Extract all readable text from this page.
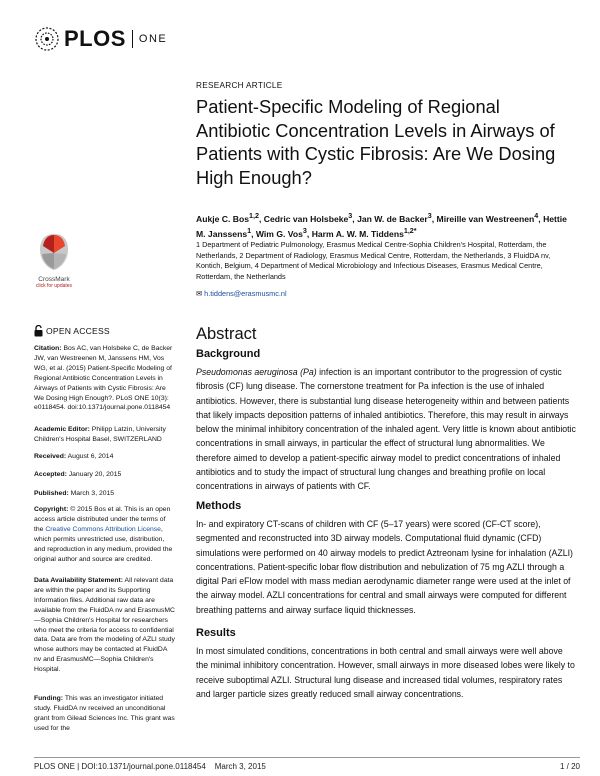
PLOS ONE
CrossMark
click for updates
OPEN ACCESS
Citation: Bos AC, van Holsbeke C, de Backer JW, van Westreenen M, Janssens HM, Vos WG, et al. (2015) Patient-Specific Modeling of Regional Antibiotic Concentration Levels in Airways of Patients with Cystic Fibrosis: Are We Dosing High Enough?. PLoS ONE 10(3): e0118454. doi:10.1371/journal.pone.0118454
Academic Editor: Philipp Latzin, University Children's Hospital Basel, SWITZERLAND
Received: August 6, 2014
Accepted: January 20, 2015
Published: March 3, 2015
Copyright: © 2015 Bos et al. This is an open access article distributed under the terms of the Creative Commons Attribution License, which permits unrestricted use, distribution, and reproduction in any medium, provided the original author and source are credited.
Data Availability Statement: All relevant data are within the paper and its Supporting Information files. Additional raw data are available from the FluidDA nv and ErasmusMC—Sophia Children's Hospital for researchers who meet the criteria for access to confidential data. Data are from the modeling of AZLI study whose authors may be contacted at FluidDA nv and ErasmusMC—Sophia Children's Hospital.
Funding: This was an investigator initiated study. FluidDA nv received an unconditional grant from Gilead Sciences Inc. This grant was used for the
RESEARCH ARTICLE
Patient-Specific Modeling of Regional Antibiotic Concentration Levels in Airways of Patients with Cystic Fibrosis: Are We Dosing High Enough?
Aukje C. Bos$^{1,2}$, Cedric van Holsbeke$^3$, Jan W. de Backer$^3$, Mireille van Westreenen$^4$, Hettie M. Janssens$^1$, Wim G. Vos$^3$, Harm A. W. M. Tiddens$^{1,2*}$
1 Department of Pediatric Pulmonology, Erasmus Medical Centre-Sophia Children's Hospital, Rotterdam, the Netherlands, 2 Department of Radiology, Erasmus Medical Centre, Rotterdam, the Netherlands, 3 FluidDA nv, Kontich, Belgium, 4 Department of Medical Microbiology and Infectious Diseases, Erasmus Medical Centre, Rotterdam, the Netherlands
✉ h.tiddens@erasmusmc.nl
Abstract
Background
Pseudomonas aeruginosa (Pa) infection is an important contributor to the progression of cystic fibrosis (CF) lung disease. The cornerstone treatment for Pa infection is the use of inhaled antibiotics. However, there is substantial lung disease heterogeneity within and between patients that likely impacts deposition patterns of inhaled antibiotics. Therefore, this may result in airways below the minimal inhibitory concentration of the inhaled agent. Very little is known about antibiotic concentrations in small airways, in particular the effect of structural lung abnormalities. We therefore aimed to develop a patient-specific airway model to predict concentrations of inhaled antibiotics and to study the impact of structural lung changes and breathing profile on local concentrations in airways of patients with CF.
Methods
In- and expiratory CT-scans of children with CF (5–17 years) were scored (CF-CT score), segmented and reconstructed into 3D airway models. Computational fluid dynamic (CFD) simulations were performed on 40 airway models to predict Aztreonam lysine for inhalation (AZLI) concentrations. Patient-specific lobar flow distribution and nebulization of 75 mg AZLI through a digital Pari eFlow model with mass median aerodynamic diameter range were used at the inlet of the airway model. AZLI concentrations for central and small airways were computed for different breathing patterns and airway surface liquid thicknesses.
Results
In most simulated conditions, concentrations in both central and small airways were well above the minimal inhibitory concentration. However, small airways in more diseased lobes were likely to receive suboptimal AZLI. Structural lung disease and increased tidal volumes, respiratory rates and larger particle sizes greatly reduced small airway concentrations.
PLOS ONE | DOI:10.1371/journal.pone.0118454    March 3, 2015	1 / 20
